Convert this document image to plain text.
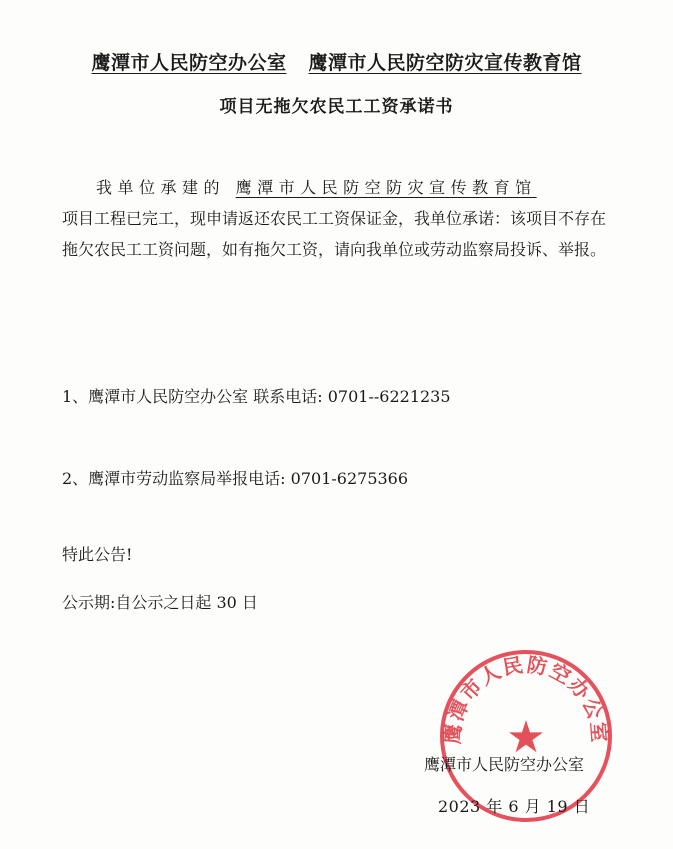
鹰潭市人民防空办公室 鹰潭市人民防空防灾宣传教育馆
项目无拖欠农民工工资承诺书
我单位承建的 鹰潭市人民防空防灾宣传教育馆
项目工程已完工，现申请返还农民工工资保证金，我单位承诺：该项目不存在拖欠农民工工资问题，如有拖欠工资，请向我单位或劳动监察局投诉、举报。
1、鹰潭市人民防空办公室 联系电话: 0701--6221235
2、鹰潭市劳动监察局举报电话: 0701-6275366
特此公告!
公示期:自公示之日起 30 日
鹰潭市人民防空办公室
★
鹰潭市人民防空办公室
2023 年 6 月 19 日
